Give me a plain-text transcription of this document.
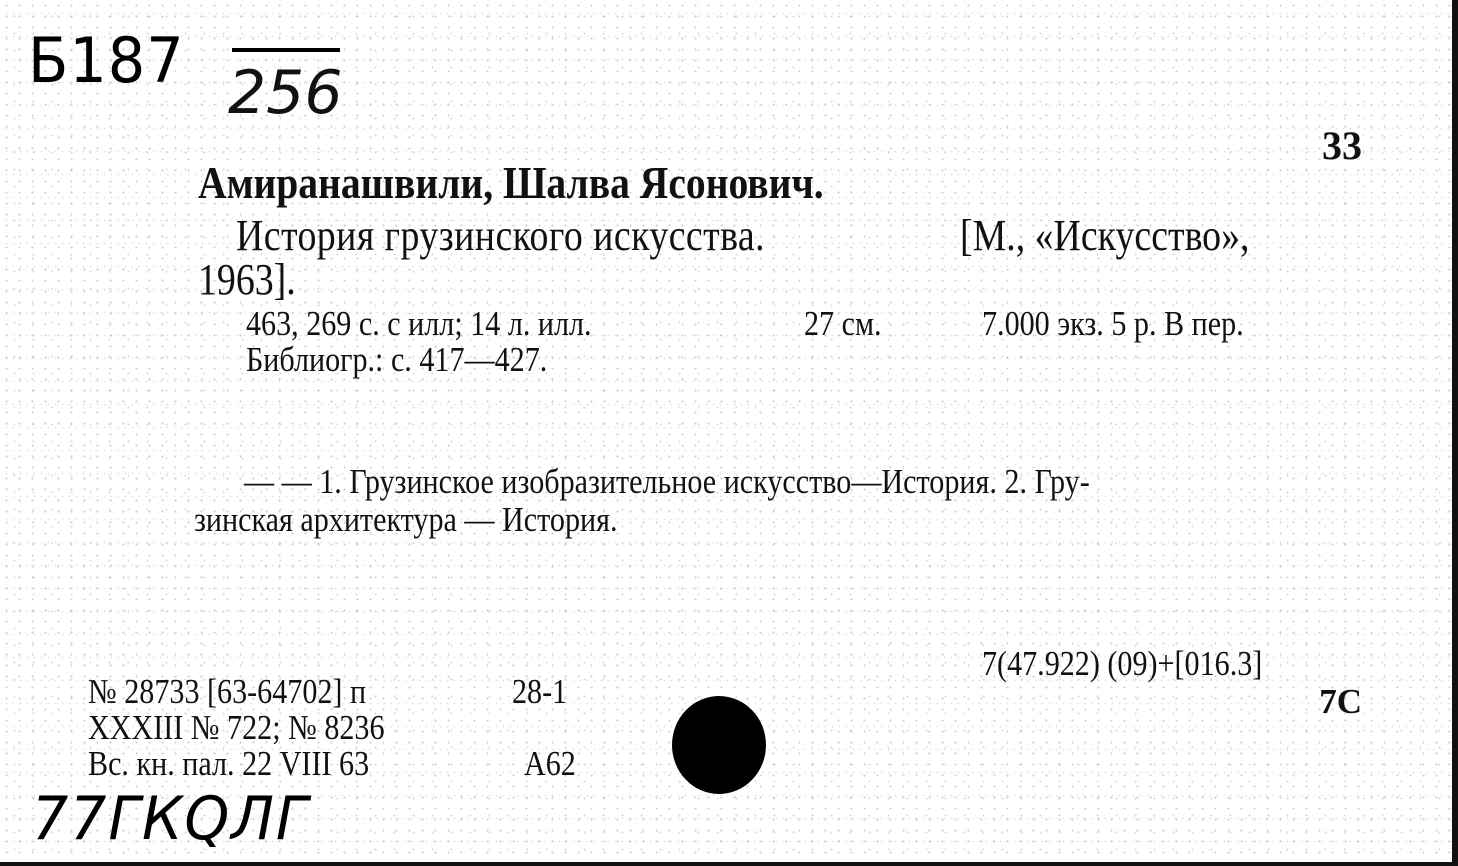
Б187 256
33
Амиранашвили, Шалва Ясонович.
История грузинского искусства.	[М., «Искусство»,
1963].
463, 269 с. с илл; 14 л. илл.	27 см.	7.000 экз. 5 р. В пер.
Библиогр.: с. 417—427.
— — 1. Грузинское изобразительное искусство—История. 2. Гру-
зинская архитектура — История.
7(47.922) (09)+[016.3]
7С
№ 28733 [63-64702] п	28-1
XXXIII № 722; № 8236
Вс. кн. пал. 22 VIII 63	А62
77ГКQЛГ
